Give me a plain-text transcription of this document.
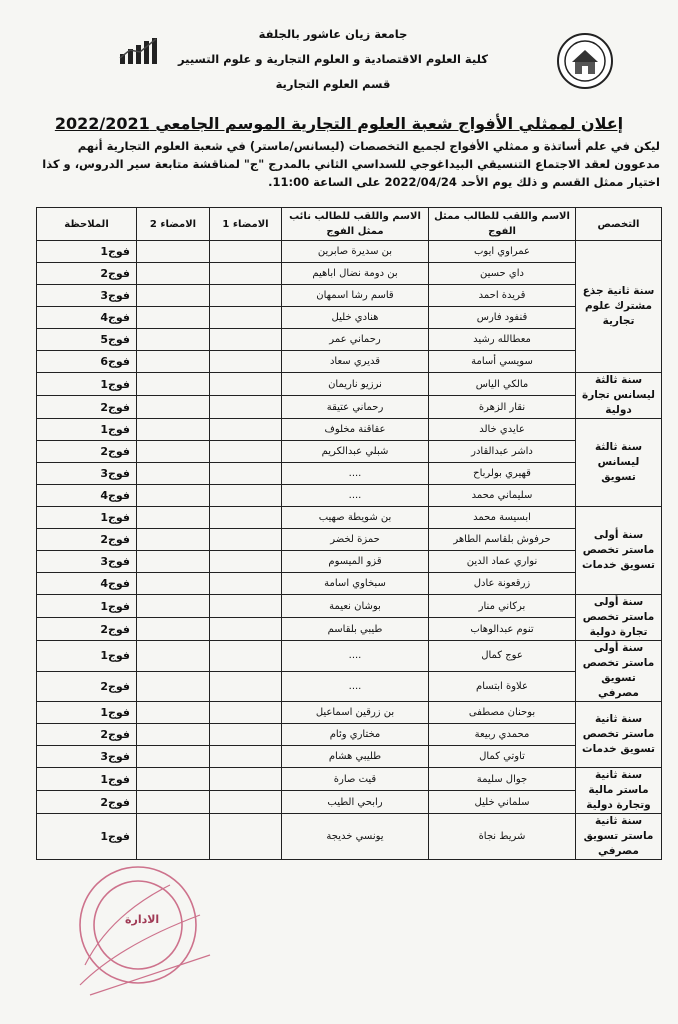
جامعة زيان عاشور بالجلفة
كلية العلوم الاقتصادية و العلوم التجارية و علوم التسيير
قسم العلوم التجارية
إعلان لممثلي الأفواج شعبة العلوم التجارية الموسم الجامعي 2022/2021
ليكن في علم أساتذة و ممثلي الأفواج لجميع التخصصات (ليسانس/ماستر) في شعبة العلوم التجارية أنهم مدعوون لعقد الاجتماع التنسيقي البيداغوجي للسداسي الثاني بالمدرج "ج" لمناقشة متابعة سير الدروس، و كذا اختيار ممثل القسم و ذلك يوم الأحد 2022/04/24 على الساعة 11:00.
التخصص	الاسم واللقب للطالب ممثل الفوج	الاسم واللقب للطالب نائب ممثل الفوج	الامضاء 1	الامضاء 2	الملاحظة
سنة ثانية جذع مشترك علوم تجارية	عمراوي ايوب	بن سديرة صابرين			فوج1
	داي حسين	بن دومة نضال اباهيم			فوج2
	قريدة احمد	قاسم رشا اسمهان			فوج3
	قنفود فارس	هنادي خليل			فوج4
	معطالله رشيد	رحماني عمر			فوج5
	سويسي أسامة	قديري سعاد			فوج6
سنة ثالثة ليسانس تجارة دولية	مالكي الياس	نرزيو ناريمان			فوج1
	نقار الزهرة	رحماني عتيقة			فوج2
سنة ثالثة ليسانس تسويق	عايدي خالد	عقاقنة مخلوف			فوج1
	داشر عبدالقادر	شبلي عبدالكريم			فوج2
	قهيري بولرباح	....			فوج3
	سليماني محمد	....			فوج4
سنة أولى ماستر تخصص تسويق خدمات	ابسيسة محمد	بن شويطة صهيب			فوج1
	حرفوش بلقاسم الطاهر	حمزة لخضر			فوج2
	نواري عماد الدين	قزو الميسوم			فوج3
	زرقعونة عادل	سبخاوي اسامة			فوج4
سنة أولى ماستر تخصص تجارة دولية	بركاني منار	بوشان نعيمة			فوج1
	تنوم عبدالوهاب	طيبي بلقاسم			فوج2
سنة أولى ماستر تخصص تسويق مصرفي	عوج كمال	....			فوج1
	علاوة ابتسام	....			فوج2
سنة ثانية ماستر تخصص تسويق خدمات	بوحنان مصطفى	بن زرقين اسماعيل			فوج1
	محمدي ربيعة	مختاري وئام			فوج2
	تاوتي كمال	طليبي هشام			فوج3
سنة ثانية ماستر مالية وتجارة دولية	جوال سليمة	قيت صارة			فوج1
	سلماني خليل	رابحي الطيب			فوج2
سنة ثانية ماستر تسويق مصرفي	شريط نجاة	يونسي خديجة			فوج1
الادارة
